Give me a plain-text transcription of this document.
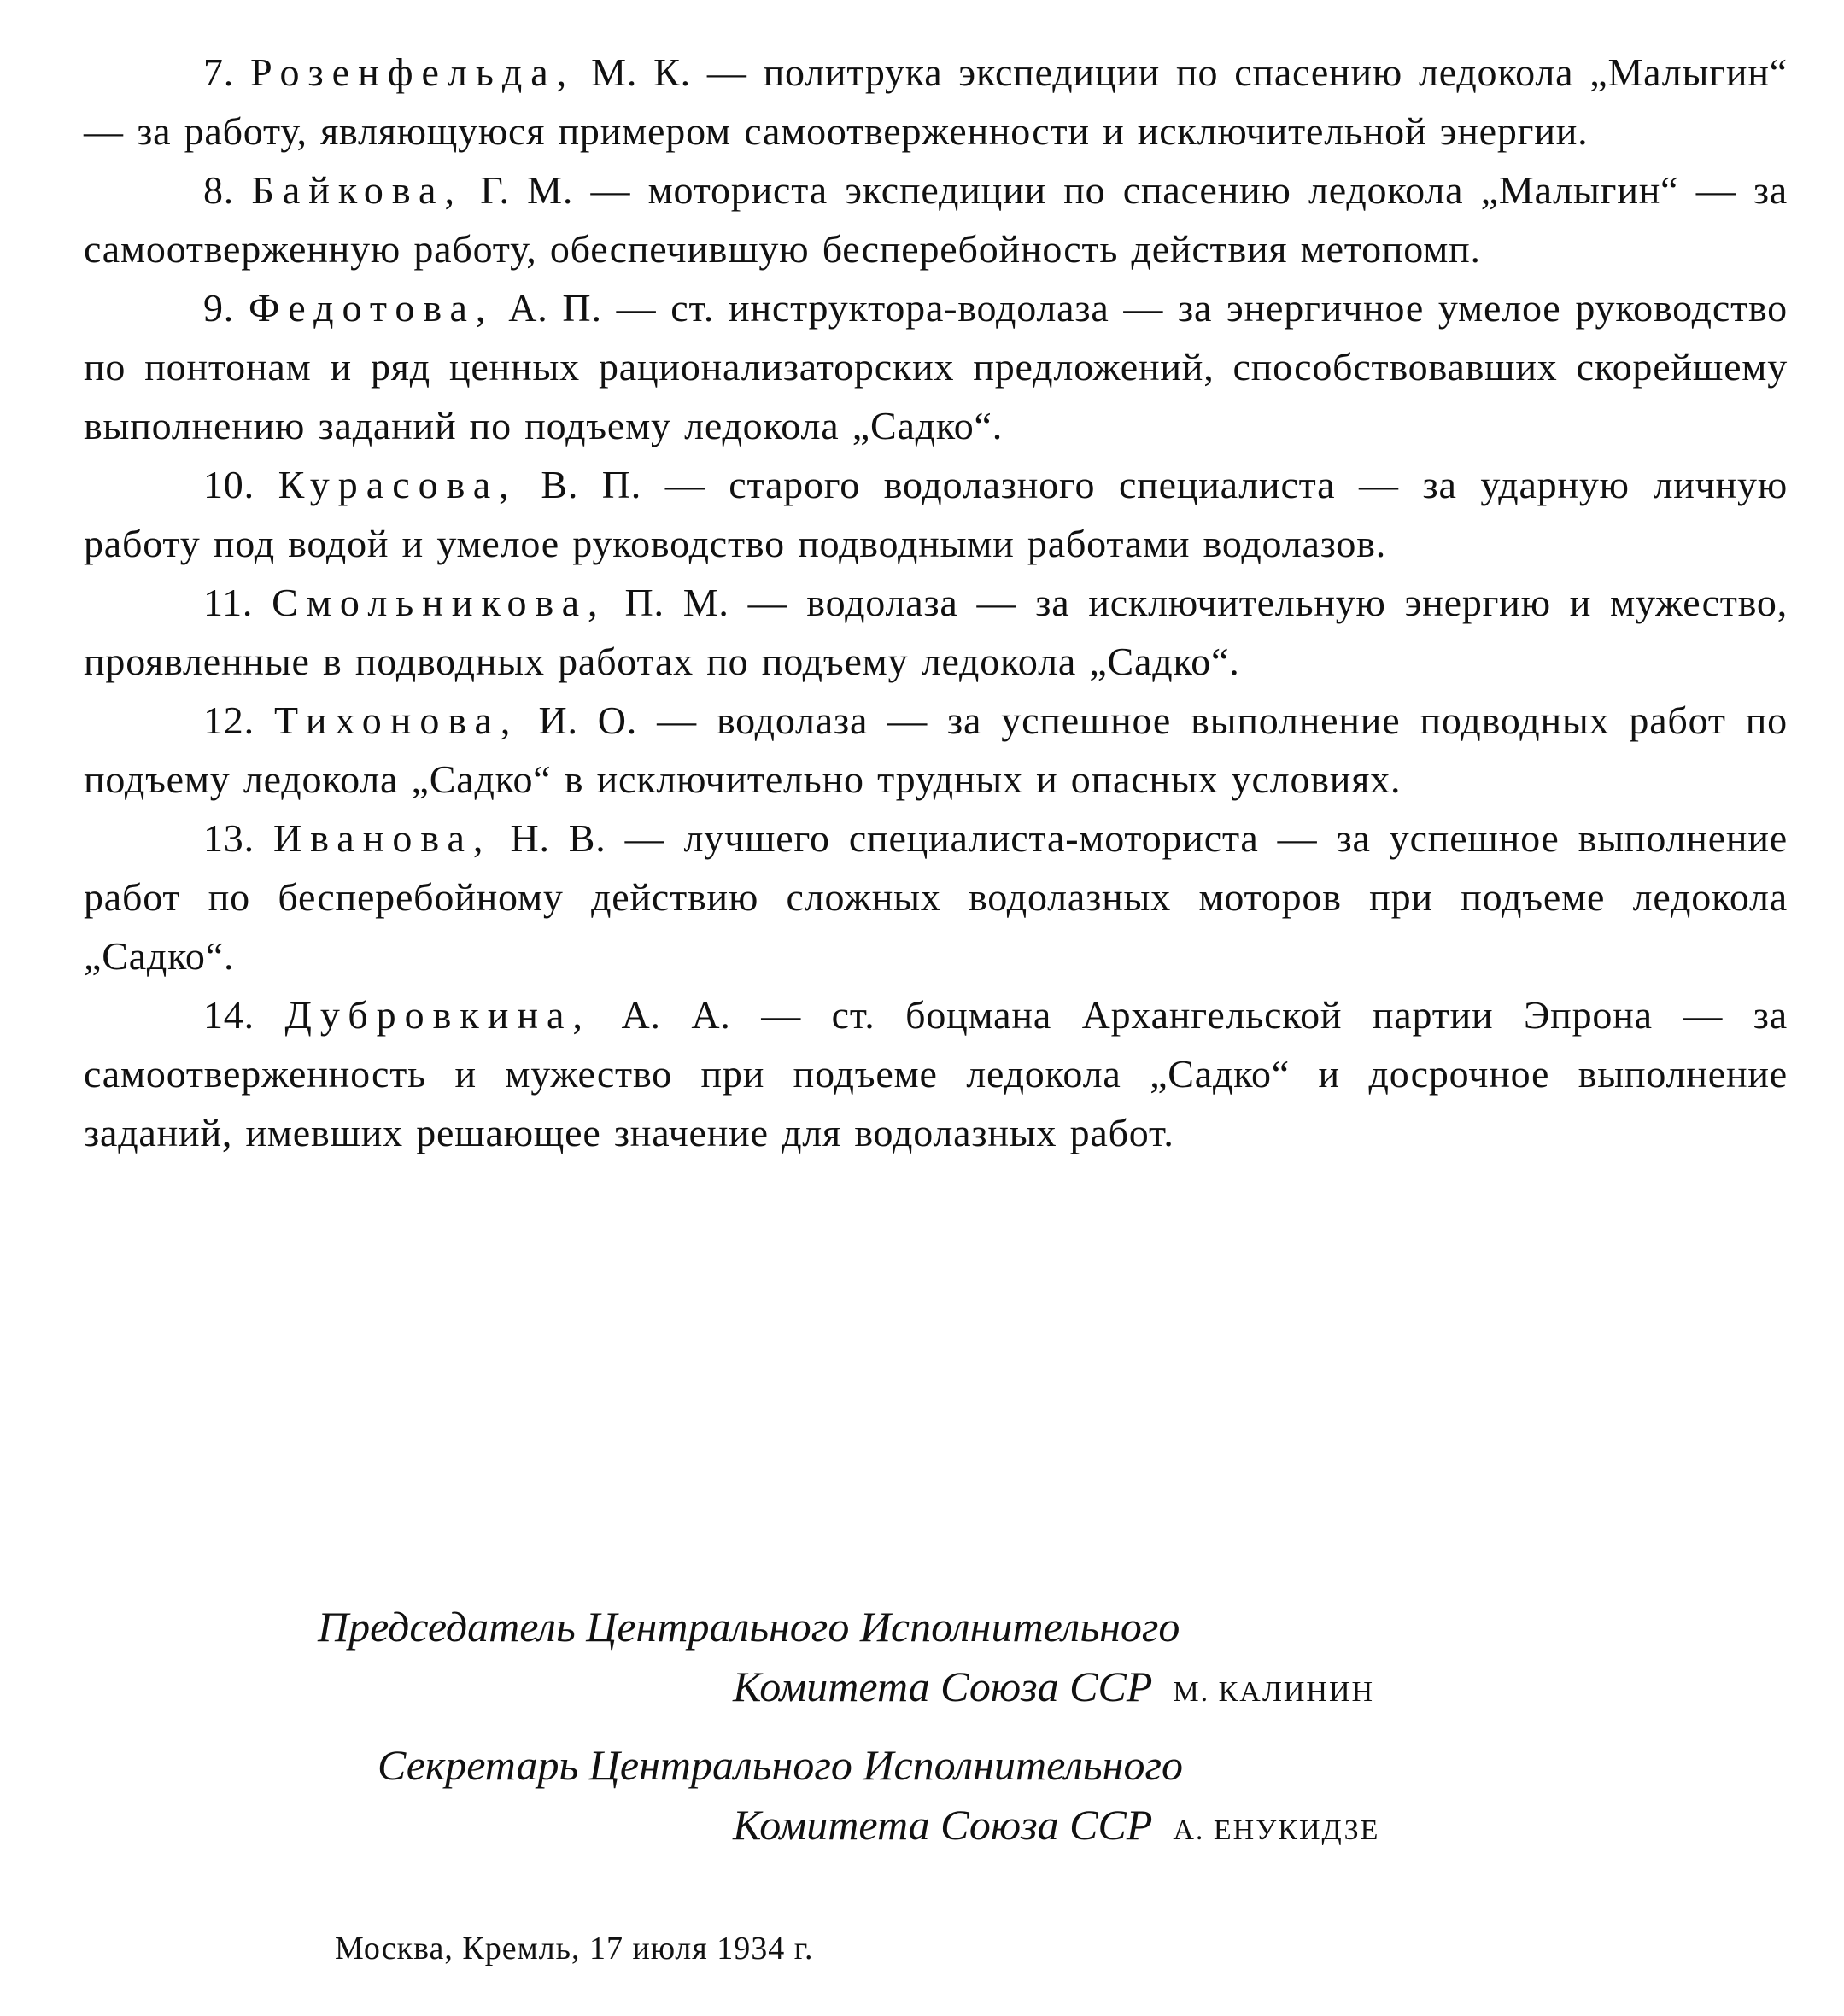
7. Розенфельда, М. К. — политрука экспедиции по спасению ледокола „Малыгин“ — за работу, являющуюся примером самоотверженности и исключительной энергии.

8. Байкова, Г. М. — моториста экспедиции по спасению ледокола „Малыгин“ — за самоотверженную работу, обеспечившую бесперебойность действия метопомп.

9. Федотова, А. П. — ст. инструктора-водолаза — за энергичное умелое руководство по понтонам и ряд ценных рационализаторских предложений, способствовавших скорейшему выполнению заданий по подъему ледокола „Садко“.

10. Курасова, В. П. — старого водолазного специалиста — за ударную личную работу под водой и умелое руководство подводными работами водолазов.

11. Смольникова, П. М. — водолаза — за исключительную энергию и мужество, проявленные в подводных работах по подъему ледокола „Садко“.

12. Тихонова, И. О. — водолаза — за успешное выполнение подводных работ по подъему ледокола „Садко“ в исключительно трудных и опасных условиях.

13. Иванова, Н. В. — лучшего специалиста-моториста — за успешное выполнение работ по бесперебойному действию сложных водолазных моторов при подъеме ледокола „Садко“.

14. Дубровкина, А. А. — ст. боцмана Архангельской партии Эпрона — за самоотверженность и мужество при подъеме ледокола „Садко“ и досрочное выполнение заданий, имевших решающее значение для водолазных работ.

Председатель Центрального Исполнительного
Комитета Союза ССР М. КАЛИНИН
Секретарь Центрального Исполнительного
Комитета Союза ССР А. ЕНУКИДЗЕ
Москва, Кремль, 17 июля 1934 г.
